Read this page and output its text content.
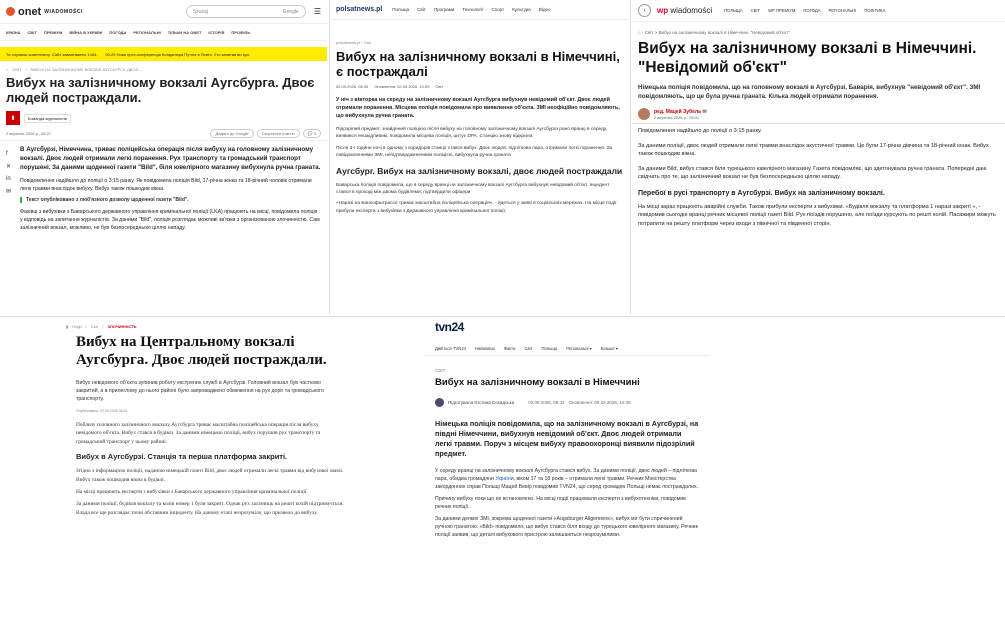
onet WIADOMOŚCI	Szukaj	Google ☰
КРАЇНА СВІТ ПРЕМІУМ ВІЙНА В УКРАЇНІ ПОГОДА РЕГІОНАЛЬНІ ТІЛЬКИ НА ONET ІСТОРІЯ ПРОФІЛЬ
Ти слухаєш коментатор. Сайт завантажено 1444. 00:25 Нова прес-конференція Бонданюра Путіна в Пекіні. Хто запитав ви про
⌂ СВІТ › ВИБУХ НА ЗАЛІЗНИЧНОМУ ВОКЗАЛІ АУГСБУРГА. ДВОЄ...
Вибух на залізничному вокзалі Аугсбурга. Двоє людей постраждали.
▮	Команда журналістів
2 вересня 2026 р., 06:27	Додати до Google	Скоротити статтю	💬 3
f
✕
in
✉

В Аугсбурзі, Німеччина, триває поліцейська операція після вибуху на головному залізничному вокзалі. Двоє людей отримали легкі поранення. Рух транспорту та громадський транспорт порушені. За даними щоденної газети "Bild", біля ювелірного магазину вибухнула ручна граната.

Повідомлення надійшло до поліції о 3:15 ранку. Як повідомила поліція Bild, 17-річна жінка та 18-річний чоловік отримали легкі травми внаслідок вибуху. Вибух також пошкодив вікна.

Текст опубліковано з люб'язного дозволу щоденної газети "Bild".

Фахівці з вибухівки з Баварського державного управління кримінальної поліції (LKA) працюють на місці, повідомила поліція у відповідь на запитання журналістів. За даними "Bild", поліція розглядає можливі зв'язки з організованою злочинністю. Сам залізничний вокзал, можливо, не був безпосередньою ціллю нападу.

polsatnews.pl Польща Світ Програми Технології Спорт Культура Відео
polsatnews.pl / Світ
Вибух на залізничному вокзалі в Німеччині, є постраждалі
02.09.2026, 06:35 Оновлення: 02.09.2026, 10:59 Світ

У ніч з вівторка на середу на залізничному вокзалі Аугсбурга вибухнув невідомий об'єкт. Двоє людей отримали поранення. Місцева поліція повідомила про виявлення об'єкта. ЗМІ неофіційно повідомляють, що вибухнула ручна граната.

Підозрілий предмет, знайдений поліцією після вибуху на головному залізничному вокзалі Аугсбурга рано вранці в середу, виявився нешкідливим, повідомила місцева поліція, цитує DPA. Станцію знову відкрили.

Після 3-ї години ночі в одному з коридорів станції стався вибух. Двоє людей, підліткова пара, отримали легкі поранення. За повідомленнями ЗМІ, непідтверджененими поліцією, вибухнула ручна граната

Аугсбург. Вибух на залізничному вокзалі, двоє людей постраждали

Баварська поліція повідомила, що в середу вранці на залізничному вокзалі Аугсбурга вибухнув невідомий об'єкт. Інцидент стався в проході між двома будівлями; підтвердили офіцери

«Наразі на Банхофштрассе триває масштабна поліцейська операція», - йдеться у заяві в соціальних мережах. На місце події прибули експерти з вибухівки з Державного управління кримінальної поліції.

‹	wp wiadomości	ПОЛЬЩА СВІТ WP ПРЕМІУМ ПОГОДА РЕГІОНАЛЬНІ ПОЛІТИКА
⌂ › Світ > Вибух на залізничному вокзалі в Німеччині. "Невідомий об'єкт"
Вибух на залізничному вокзалі в Німеччині. "Невідомий об'єкт"

Німецька поліція повідомила, що на головному вокзалі в Аугсбурзі, Баварія, вибухнув "невідомий об'єкт". ЗМІ повідомляють, що це була ручна граната. Кілька людей отримали поранення.

ред. Мацей Зубель ✉
2 вересня 2026 р., 05:41

Повідомлення надійшло до поліції о 3:15 ранку.

За даними поліції, двоє людей отримали легкі травми внаслідок акустичної травми. Це були 17-річна дівчина та 18-річний юнак. Вибух також пошкодив вікна.

За даними Bild, вибух стався біля турецького ювелірного магазину. Газета повідомляє, що здетонувала ручна граната. Попередні дані свідчать про те, що залізничний вокзал не був безпосередньою ціллю нападу.

Перебої в русі транспорту в Аугсбурзі. Вибух на залізничному вокзалі.

На місці зараз працюють аварійні служби. Також прибули експерти з вибухівки. «Будівля вокзалу та платформа 1 наразі закриті », - повідомив сьогодні вранці речник місцевої поліції газеті Bild. Рух поїздів порушено, але поїзди курсують по решті колій. Пасажири можуть потрапити на решту платформ через входи з північної та південної сторін.

▮ Події / Світ / ЗЛОЧИННІСТЬ
Вибух на Центральному вокзалі Аугсбурга. Двоє людей постраждали.

Вибух невідомого об'єкта зупинив роботу екстрених служб в Аугсбурзі. Головний вокзал був частково закритий, а в прилеглому до нього районі було запроваджено обмеження на рух доріг та громадського транспорту.

Опубліковано: 02.09.2026 06:15

Поблизу головного залізничного вокзалу Аугсбурга триває масштабна поліцейська операція після вибуху невідомого об'єкта. Вибух стався в будівлі. За даними німецької поліції, вибух порушив рух транспорту та громадський транспорт у цьому районі.

Вибух в Аугсбурзі. Станція та перша платформа закриті.

Згідно з інформацією поліції, наданою німецькій газеті Bild, двоє людей отримали легкі травми від вибухової хвилі. Вибух також пошкодив вікна в будівлі.

На місці працюють експерти з вибухівки з Баварського державного управління кримінальної поліції.

За даними поліції, будівля вокзалу та колія номер 1 були закриті. Однак рух залізниць на решті колій підтримується. Влада все ще розглядає точні обставини інциденту. На даному етапі незрозуміло, що призвело до вибуху.

tvn24
Дивіться TVN24 Найновіші Факти Світ Польща Регіональні ▾ Більше ▾
СВІТ
Вибух на залізничному вокзалі в Німеччині
Підготувала Юстина Сохадська	02.09.2026, 06:42 Оновлення: 09.02.2026, 10:35

Німецька поліція повідомила, що на залізничному вокзалі в Аугсбурзі, на півдні Німеччини, вибухнув невідомий об'єкт. Двоє людей отримали легкі травми. Поруч з місцем вибуху правоохоронці виявили підозрілий предмет.

У середу вранці на залізничному вокзалі Аугсбурга стався вибух. За даними поліції, двоє людей – підліткова пара, обидва громадяни України, віком 17 та 18 років – отримали легкі травми. Речник Міністерства закордонних справ Польщі Мацей Вевір повідомив TVN24, що серед громадян Польщі немає постраждалих.

Причину вибуху поки що не встановлено. На місці події працювали експерти з вибухотехніки, повідомив речник поліції.

За даними деяких ЗМІ, зокрема щоденної газети «Augsburger Allgemeine», вибух міг бути спричинений ручною гранатою. «Bild» повідомило, що вибух стався біля входу до турецького ювелірного магазину. Речник поліції заявив, що деталі вибухового пристрою залишаються незрозумілими.
